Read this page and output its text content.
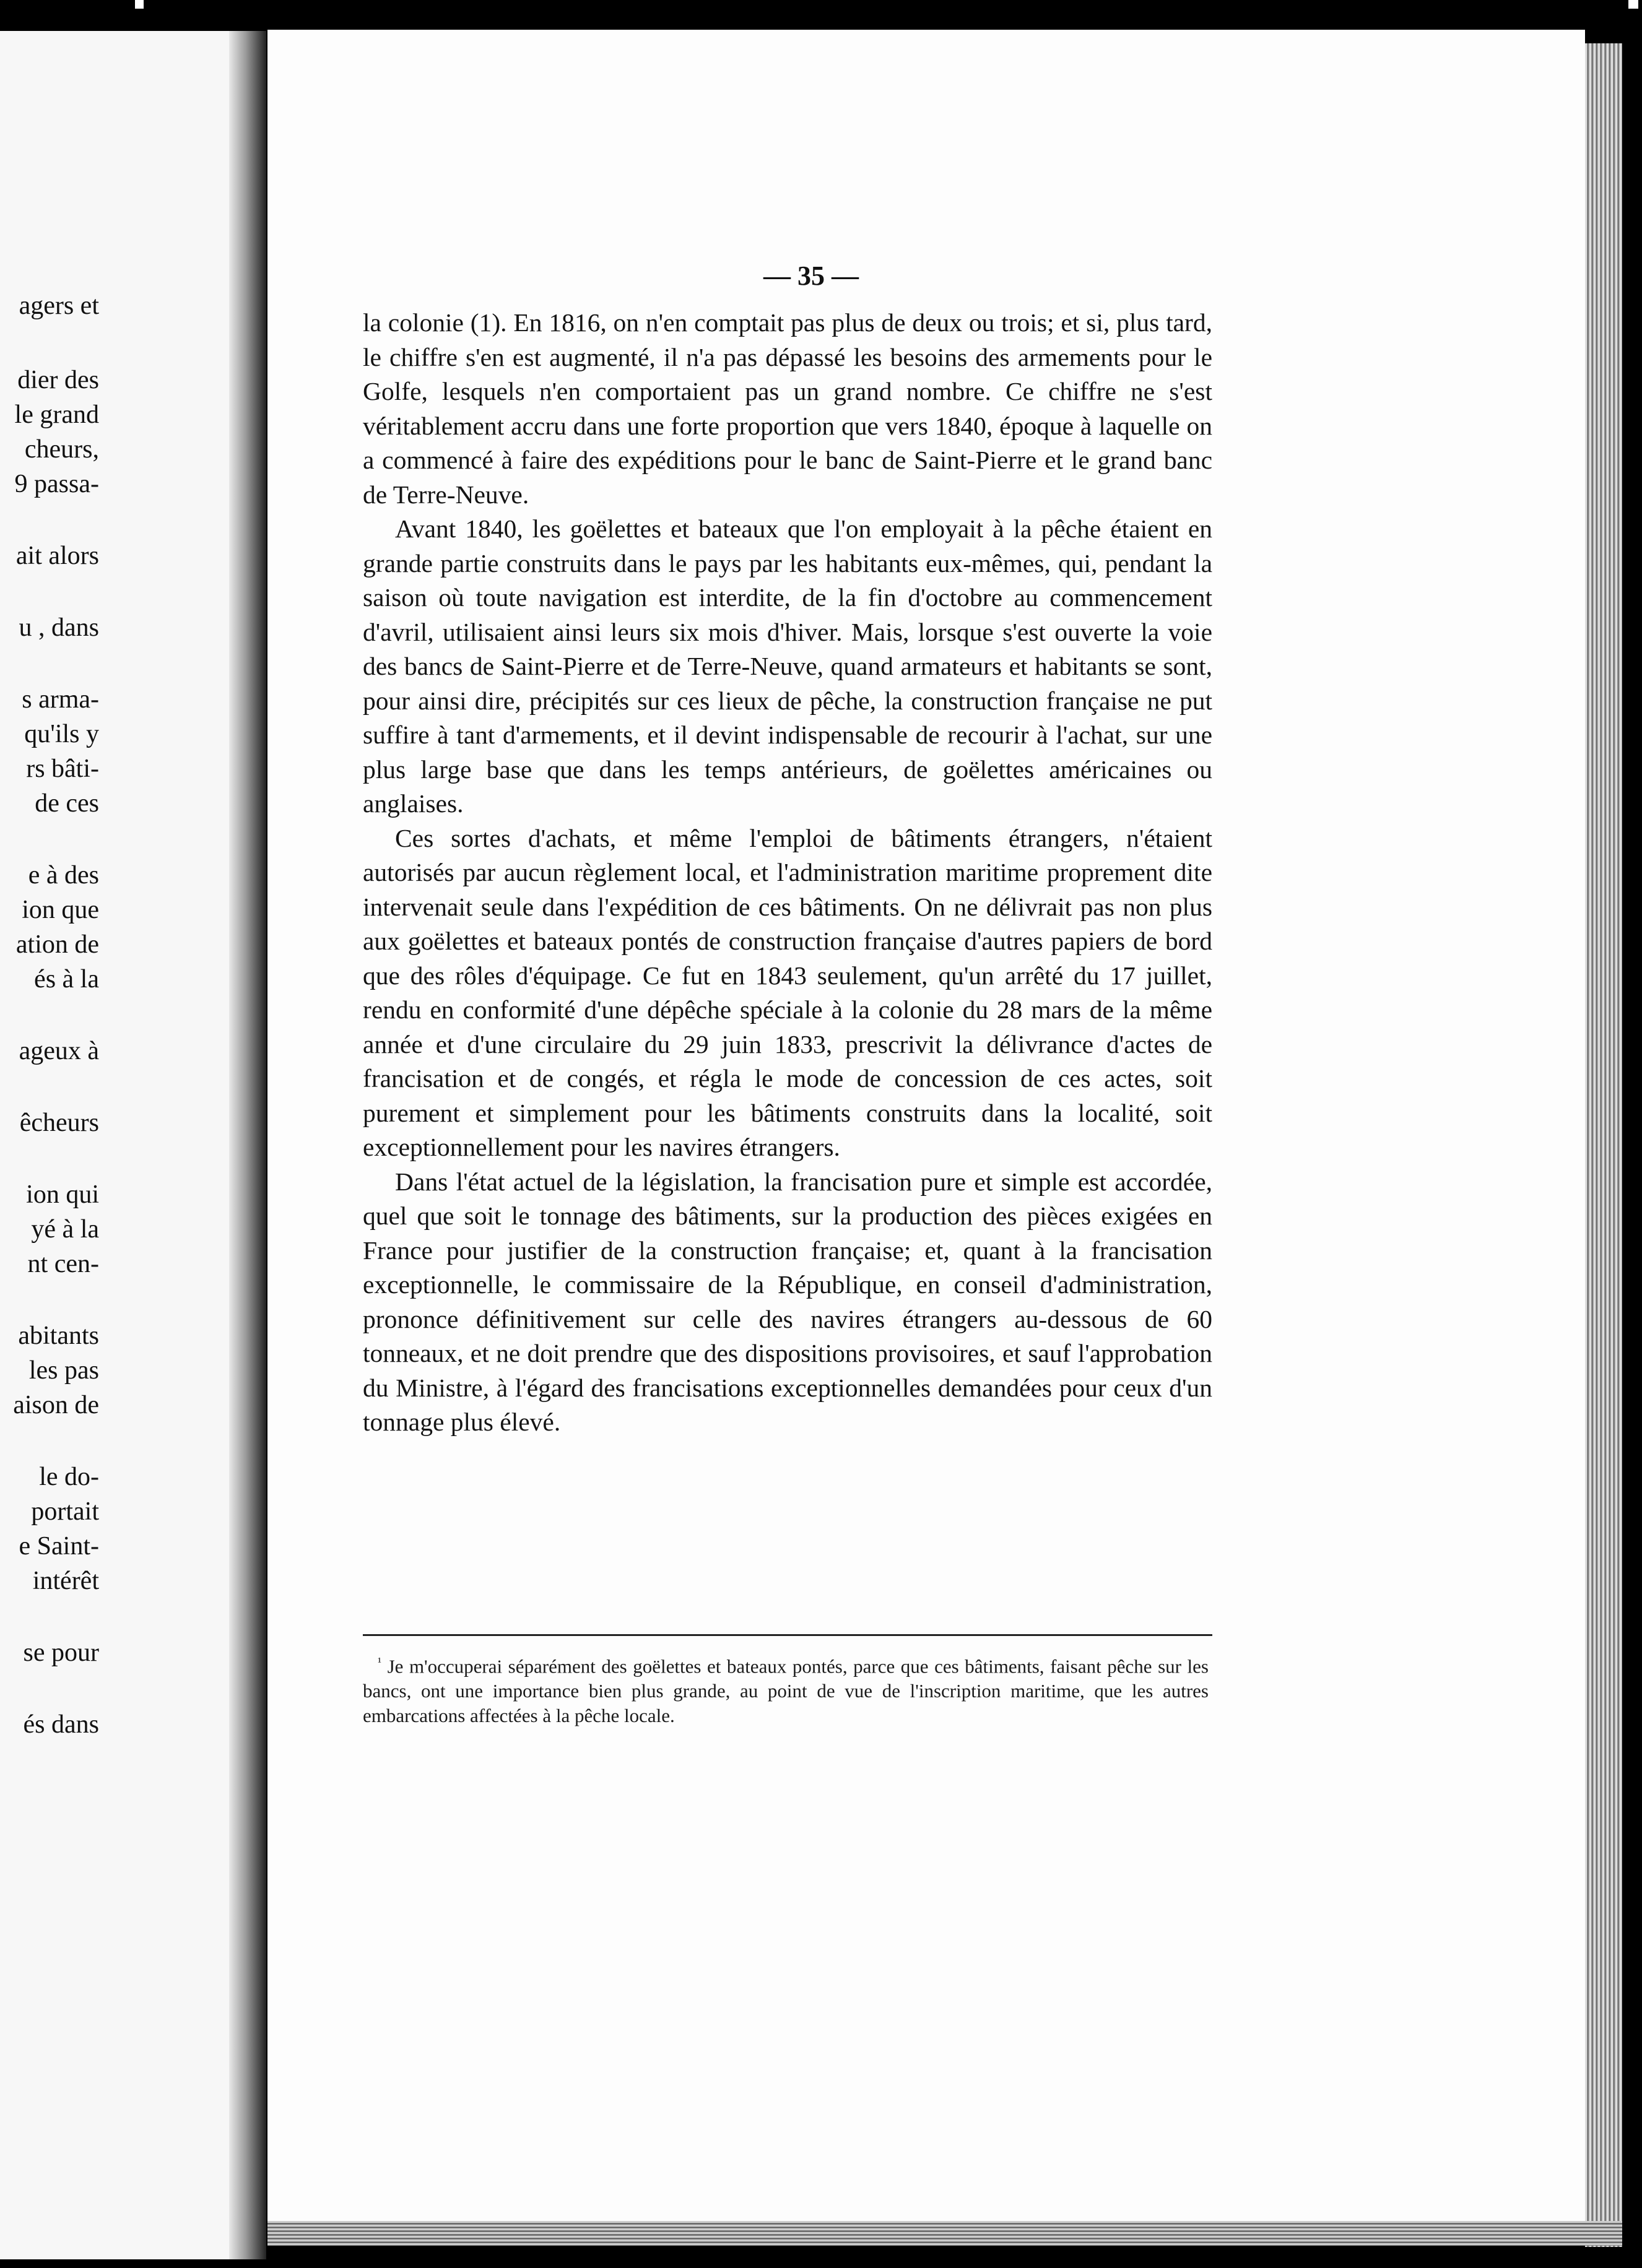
agers et
dier des
le grand
cheurs,
9 passa-
ait alors
u , dans
s arma-
qu'ils y
rs bâti-
de ces
e à des
ion que
ation de
és à la
ageux à
êcheurs
ion qui
yé à la
nt cen-
abitants
les pas
aison de
le do-
portait
e Saint-
intérêt
se pour
és dans
— 35 —

la colonie (1). En 1816, on n'en comptait pas plus de deux ou trois; et si, plus tard, le chiffre s'en est augmenté, il n'a pas dépassé les besoins des armements pour le Golfe, lesquels n'en comportaient pas un grand nombre. Ce chiffre ne s'est véritablement accru dans une forte proportion que vers 1840, époque à laquelle on a commencé à faire des expéditions pour le banc de Saint-Pierre et le grand banc de Terre-Neuve.

Avant 1840, les goëlettes et bateaux que l'on employait à la pêche étaient en grande partie construits dans le pays par les habitants eux-mêmes, qui, pendant la saison où toute navigation est interdite, de la fin d'octobre au commencement d'avril, utilisaient ainsi leurs six mois d'hiver. Mais, lorsque s'est ouverte la voie des bancs de Saint-Pierre et de Terre-Neuve, quand armateurs et habitants se sont, pour ainsi dire, précipités sur ces lieux de pêche, la construction française ne put suffire à tant d'armements, et il devint indispensable de recourir à l'achat, sur une plus large base que dans les temps antérieurs, de goëlettes américaines ou anglaises.

Ces sortes d'achats, et même l'emploi de bâtiments étrangers, n'étaient autorisés par aucun règlement local, et l'administration maritime proprement dite intervenait seule dans l'expédition de ces bâtiments. On ne délivrait pas non plus aux goëlettes et bateaux pontés de construction française d'autres papiers de bord que des rôles d'équipage. Ce fut en 1843 seulement, qu'un arrêté du 17 juillet, rendu en conformité d'une dépêche spéciale à la colonie du 28 mars de la même année et d'une circulaire du 29 juin 1833, prescrivit la délivrance d'actes de francisation et de congés, et régla le mode de concession de ces actes, soit purement et simplement pour les bâtiments construits dans la localité, soit exceptionnellement pour les navires étrangers.

Dans l'état actuel de la législation, la francisation pure et simple est accordée, quel que soit le tonnage des bâtiments, sur la production des pièces exigées en France pour justifier de la construction française; et, quant à la francisation exceptionnelle, le commissaire de la République, en conseil d'administration, prononce définitivement sur celle des navires étrangers au-dessous de 60 tonneaux, et ne doit prendre que des dispositions provisoires, et sauf l'approbation du Ministre, à l'égard des francisations exceptionnelles demandées pour ceux d'un tonnage plus élevé.

$^{^1}$ Je m'occuperai séparément des goëlettes et bateaux pontés, parce que ces bâtiments, faisant pêche sur les bancs, ont une importance bien plus grande, au point de vue de l'inscription maritime, que les autres embarcations affectées à la pêche locale.
